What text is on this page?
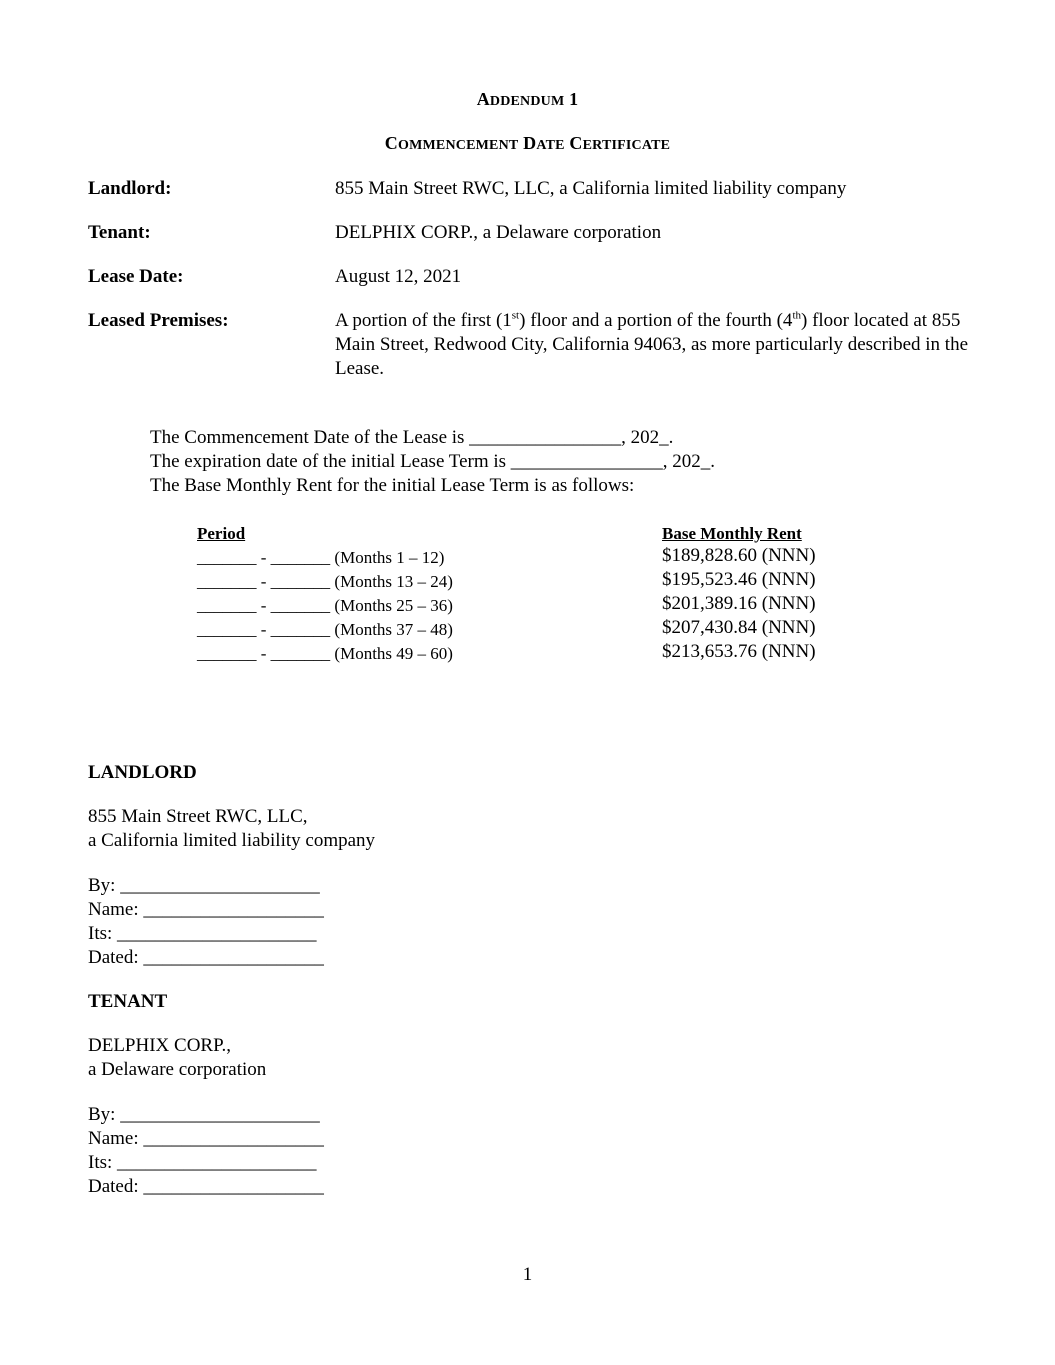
ADDENDUM 1
COMMENCEMENT DATE CERTIFICATE
Landlord:	855 Main Street RWC, LLC, a California limited liability company
Tenant:	DELPHIX CORP., a Delaware corporation
Lease Date:	August 12, 2021
Leased Premises:	A portion of the first (1st) floor and a portion of the fourth (4th) floor located at 855 Main Street, Redwood City, California 94063, as more particularly described in the Lease.
The Commencement Date of the Lease is ________________, 202_.
The expiration date of the initial Lease Term is ________________, 202_.
The Base Monthly Rent for the initial Lease Term is as follows:
Period	Base Monthly Rent
_______ - _______ (Months 1 – 12)	$189,828.60 (NNN)
_______ - _______ (Months 13 – 24)	$195,523.46 (NNN)
_______ - _______ (Months 25 – 36)	$201,389.16 (NNN)
_______ - _______ (Months 37 – 48)	$207,430.84 (NNN)
_______ - _______ (Months 49 – 60)	$213,653.76 (NNN)
LANDLORD
855 Main Street RWC, LLC,
a California limited liability company
By: _____________________
Name: ___________________
Its: _____________________
Dated: ___________________
TENANT
DELPHIX CORP.,
a Delaware corporation
By: _____________________
Name: ___________________
Its: _____________________
Dated: ___________________
1
